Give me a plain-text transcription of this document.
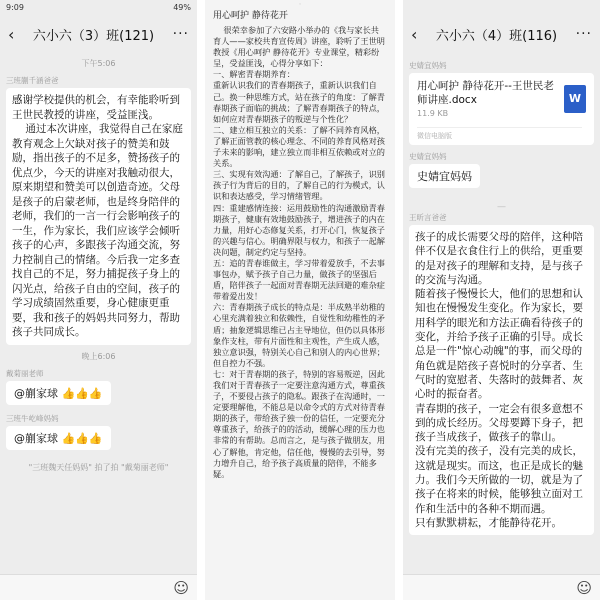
9:09	49%
‹ 六小六（3）班(121) ···
下午5:06
三班蒯千涵爸爸
感谢学校提供的机会，有幸能聆听到王世民教授的讲座，受益匪浅。
通过本次讲座，我觉得自己在家庭教育观念上欠缺对孩子的赞美和鼓励，指出孩子的不足多，赞扬孩子的优点少，今天的讲座对我触动很大，原来期望和赞美可以创造奇迹。父母是孩子的启蒙老师，也是终身陪伴的老师，我们的一言一行会影响孩子的一生，作为家长，我们应该学会倾听孩子的心声，多跟孩子沟通交流，努力控制自己的情绪。今后我一定多查找自己的不足，努力捕捉孩子身上的闪光点，给孩子自由的空间，孩子的学习成绩固然重要，身心健康更重要，我和孩子的妈妈共同努力，帮助孩子共同成长。
晚上6:06
戴菊丽老师
@蒯家球 👍👍👍
三班牛屹峰妈妈
@蒯家球 👍👍👍
"三班魏天任妈妈" 拍了拍 "戴菊丽老师"
☺
·
用心呵护 静待花开
很荣幸参加了六安路小举办的《我与家长共育人——家校共育宣传周》讲座，聆听了王世明教授《用心呵护 静待花开》专业课堂，精彩纷呈，受益匪浅，心得分享如下：
一、解密青春期养育：
重新认识我们的青春期孩子，重新认识我们自己。换一种思维方式，站在孩子的角度：了解青春期孩子面临的挑战；了解青春期孩子的特点，如何应对青春期孩子的叛逆与个性化？
二、建立相互独立的关系：了解不同养育风格，了解正面管教的核心理念、不同的养育风格对孩子未来的影响，建立独立而非相互依赖或对立的关系。
三、实现有效沟通：了解自己，了解孩子，识别孩子行为背后的目的，了解自己的行为模式，认识和表达感受，学习情绪管理。
四：重建感情连接：运用鼓励性的沟通激励青春期孩子，健康有效地鼓励孩子，增进孩子的内在力量，用好心态修复关系，打开心门，恢复孩子的兴趣与信心。明确界限与权力，和孩子一起解决问题，制定约定与坚持。
五：追的青春谁做主，学习带着爱放手，不去事事包办，赋予孩子自己力量，做孩子的坚强后盾，陪伴孩子一起面对青春期无法回避的难杂症带着爱出发！
六：青春期孩子成长的特点是：半成熟半幼稚的心里充满着独立和依赖性，自觉性和幼稚性的矛盾；抽象逻辑思维已占主导地位，但仍以具体形象作支柱，带有片面性和主观性，产生成人感，独立意识强，特别关心自己和别人的内心世界；但自控力不强。
七：对于青春期的孩子，特别的容易叛逆，因此我们对于青春孩子一定要注意沟通方式，尊重孩子，不要侵占孩子的隐私。跟孩子在沟通时，一定要理解他，不能总是以命令式的方式对待青春期的孩子，带给孩子独一份的信任，一定要充分尊重孩子，给孩子的的活动，缓解心理的压力也非常的有帮助。总而言之，是与孩子做朋友，用心了解他，肯定他，信任他，慢慢的去引导，努力增升自己，给予孩子高质量的陪伴，不能多疑。
‹ 六小六（4）班(116) ···
史婧宜妈妈
用心呵护 静待花开--王世民老师讲座.docx
11.9 KB
W
微信电脑版
史婧宜妈妈
史婧宜妈妈
—
王昕言爸爸
孩子的成长需要父母的陪伴，这种陪伴不仅是衣食住行上的供给，更重要的是对孩子的理解和支持，是与孩子的交流与沟通。
随着孩子慢慢长大，他们的思想和认知也在慢慢发生变化。作为家长，要用科学的眼光和方法正确看待孩子的变化，并给予孩子正确的引导。成长总是一件"惊心动魄"的事，而父母的角色就是陪孩子喜悦时的分享者、生气时的宽慰者、失落时的鼓舞者、灰心时的振奋者。
青春期的孩子，一定会有很多意想不到的成长经历。父母要蹲下身子，把孩子当成孩子，做孩子的靠山。
没有完美的孩子，没有完美的成长，这就是现实。而这，也正是成长的魅力。我们今天所做的一切，就是为了孩子在将来的时候，能够独立面对工作和生活中的各种不期而遇。
只有默默耕耘，才能静待花开。
☺
